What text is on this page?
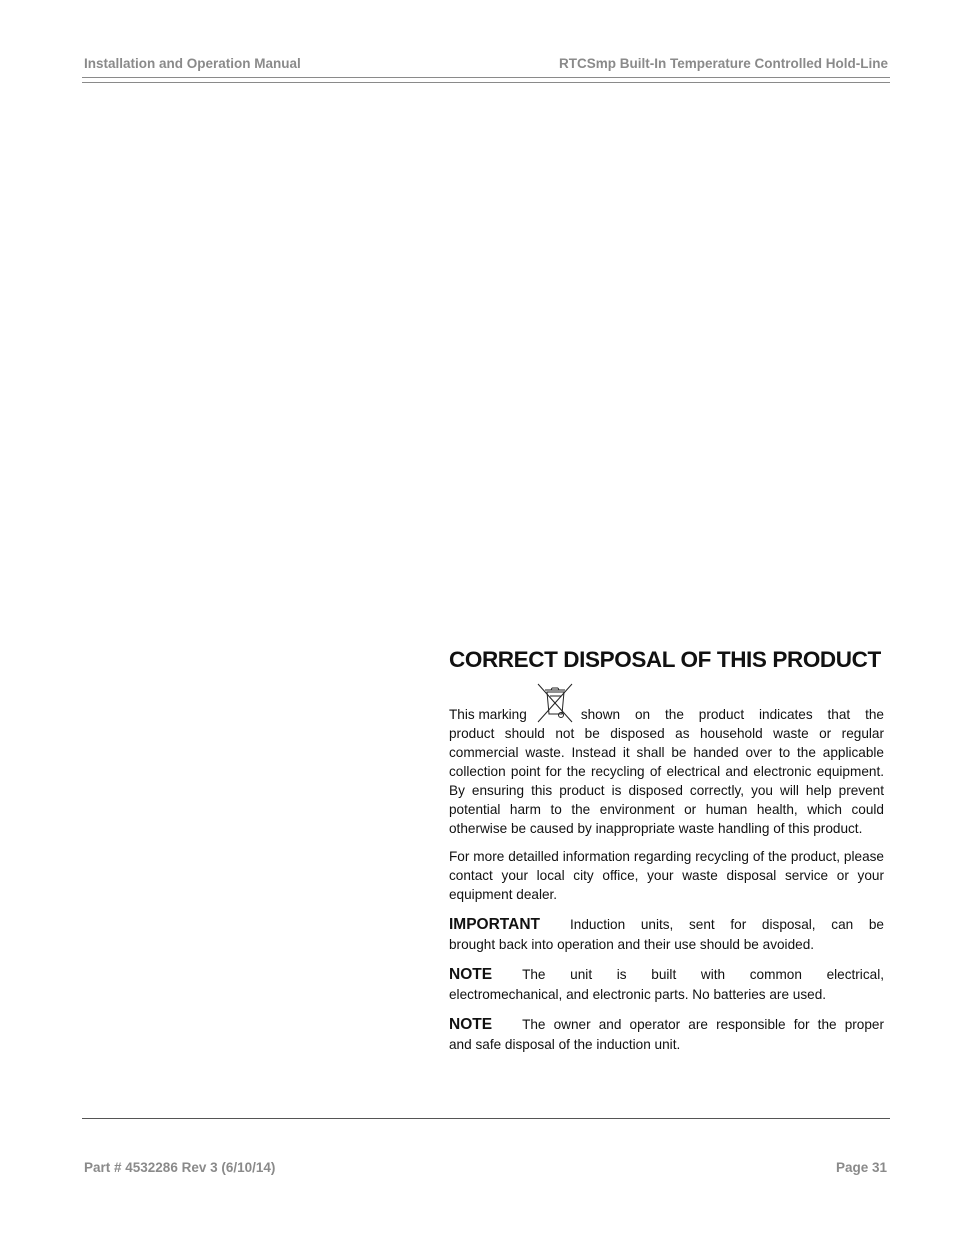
Installation and Operation Manual	RTCSmp Built-In Temperature Controlled Hold-Line
CORRECT DISPOSAL OF THIS PRODUCT
This marking	shown on the product indicates that the

product should not be disposed as household waste or regular commercial waste. Instead it shall be handed over to the applicable collection point for the recycling of electrical and electronic equipment. By ensuring this product is disposed correctly, you will help prevent potential harm to the environment or human health, which could otherwise be caused by inappropriate waste handling of this product.

For more detailled information regarding recycling of the product, please contact your local city office, your waste disposal service or your equipment dealer.

IMPORTANT Induction units, sent for disposal, can be
brought back into operation and their use should be avoided.
NOTE The unit is built with common electrical,
electromechanical, and electronic parts. No batteries are used.
NOTE The owner and operator are responsible for the proper
and safe disposal of the induction unit.
Part # 4532286 Rev 3 (6/10/14)	Page 31
